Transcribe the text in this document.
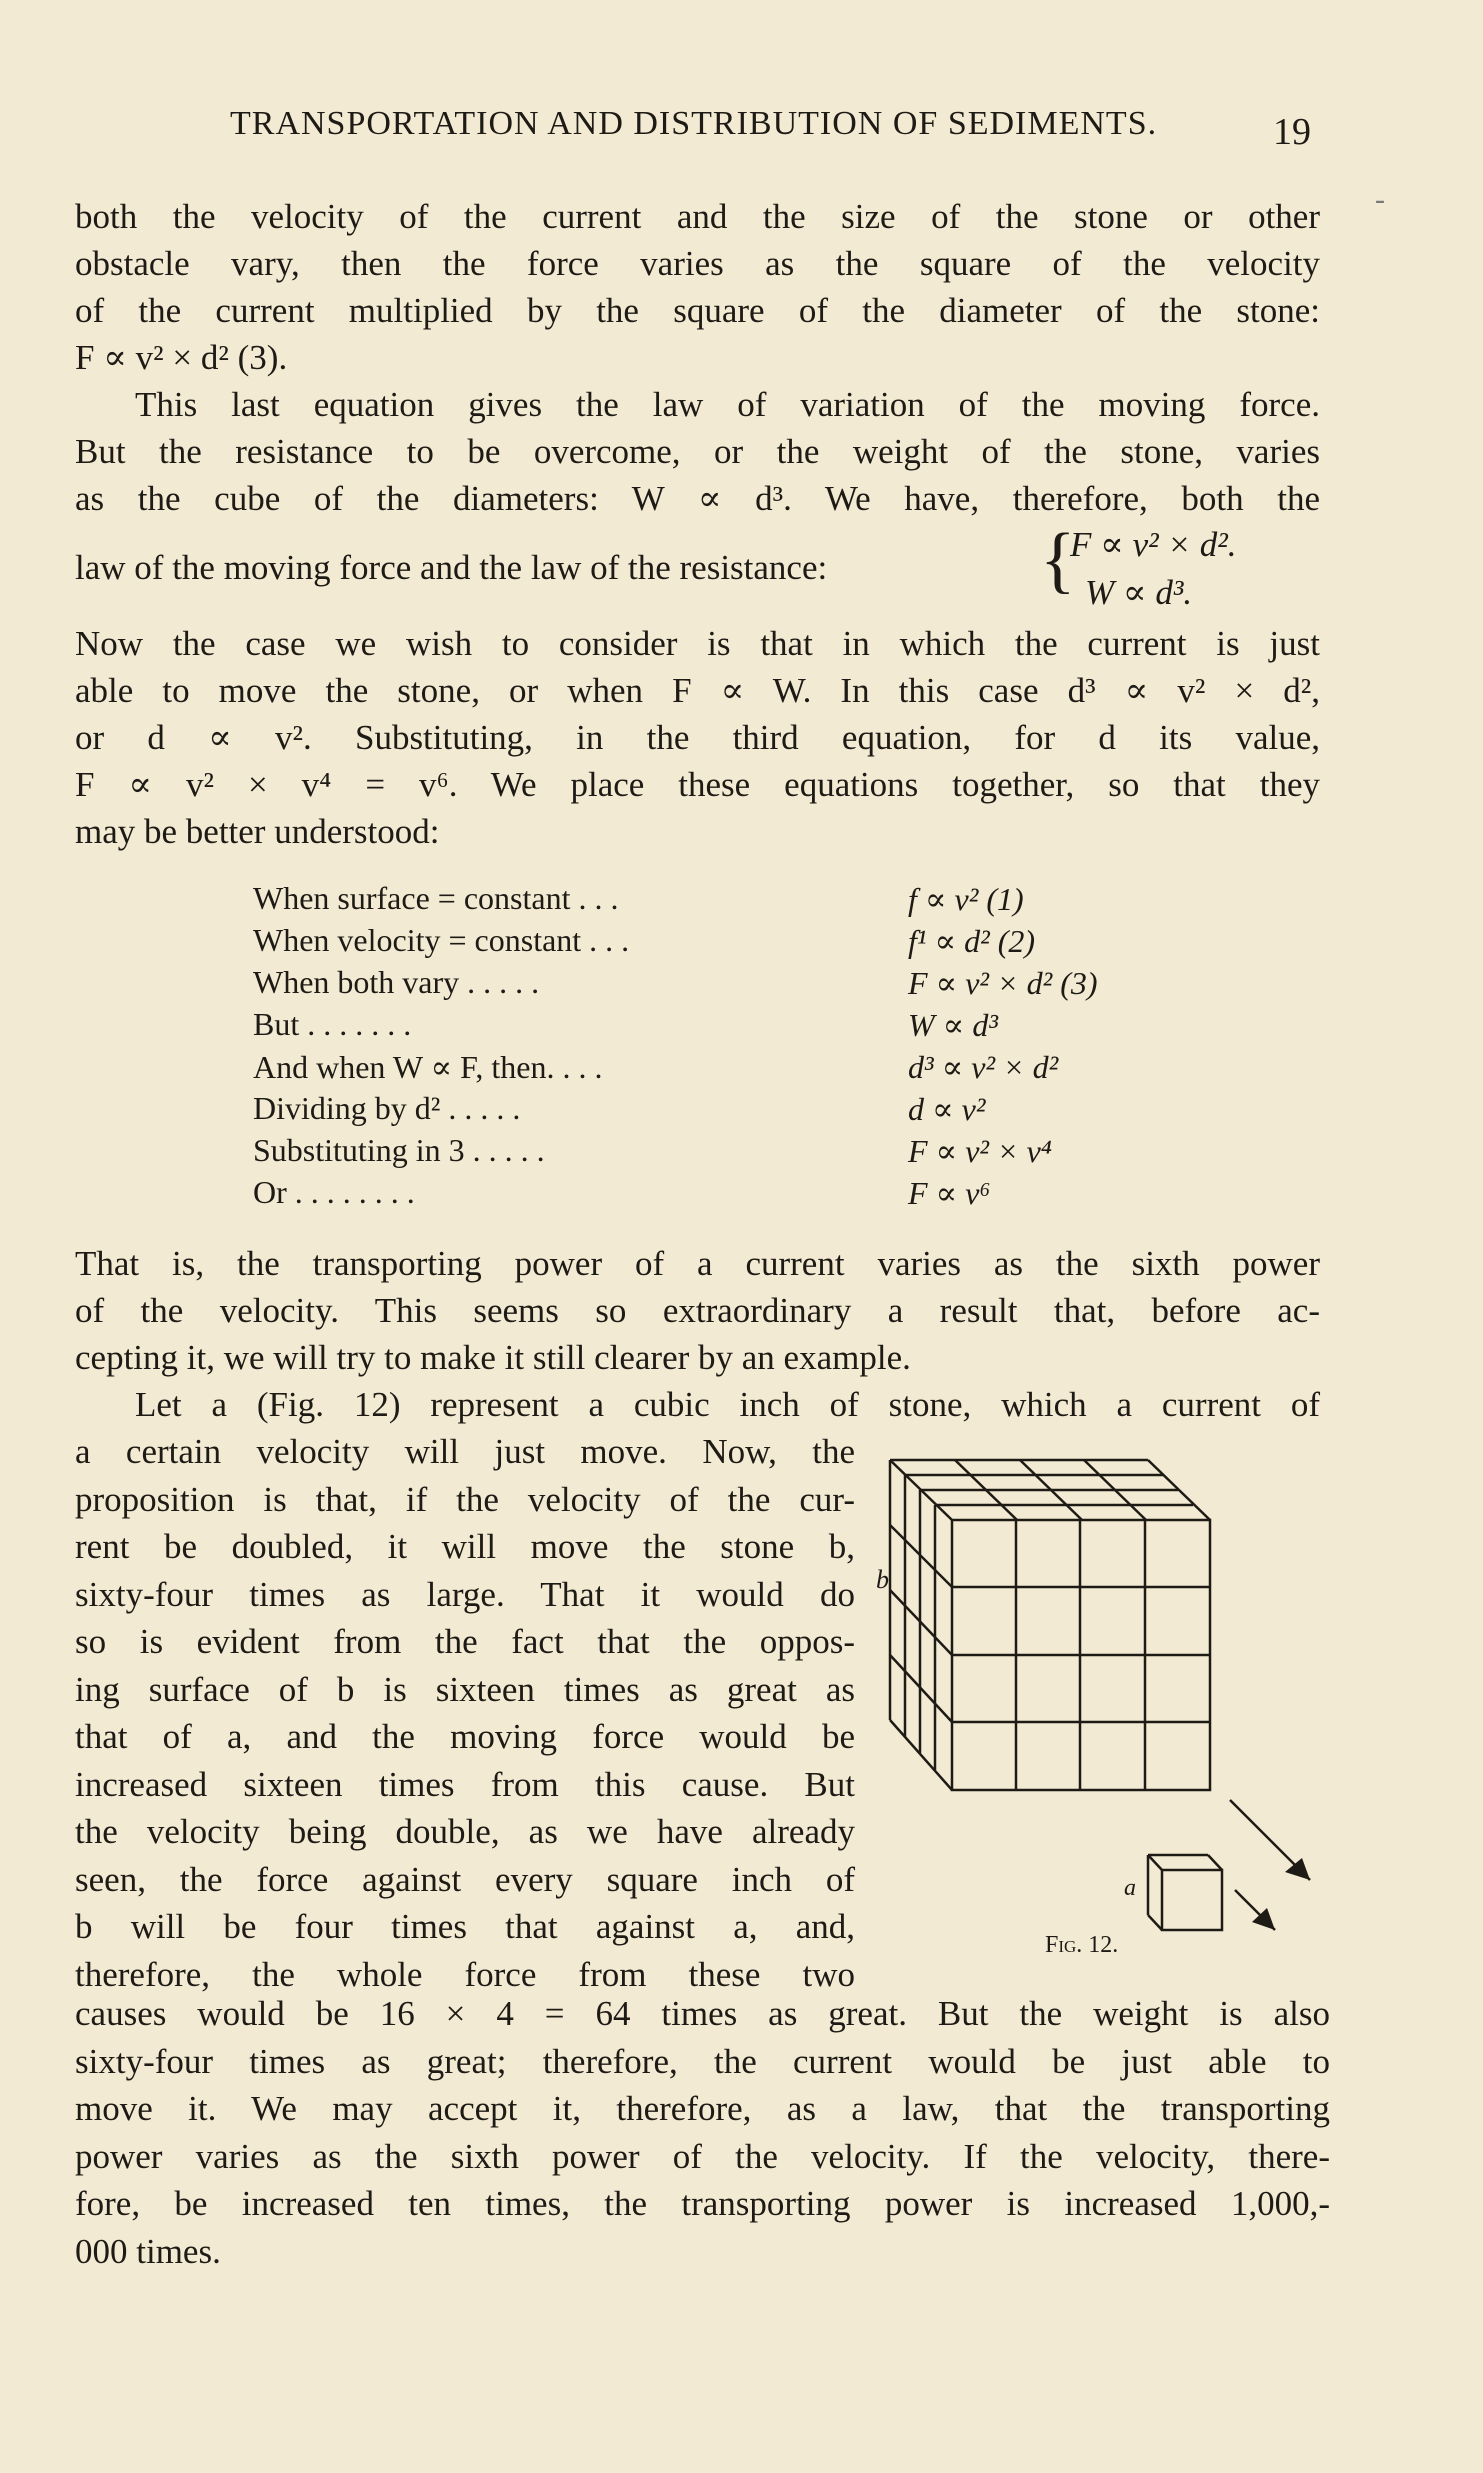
TRANSPORTATION AND DISTRIBUTION OF SEDIMENTS.	19
-
both the velocity of the current and the size of the stone or other
obstacle vary, then the force varies as the square of the velocity
of the current multiplied by the square of the diameter of the stone:
F ∝ v² × d² (3).
This last equation gives the law of variation of the moving force.
But the resistance to be overcome, or the weight of the stone, varies
as the cube of the diameters: W ∝ d³. We have, therefore, both the
law of the moving force and the law of the resistance:	{
F ∝ v² × d².
W ∝ d³.
Now the case we wish to consider is that in which the current is just
able to move the stone, or when F ∝ W. In this case d³ ∝ v² × d²,
or d ∝ v². Substituting, in the third equation, for d its value,
F ∝ v² × v⁴ = v⁶. We place these equations together, so that they
may be better understood:
When surface = constant . . .	f ∝ v² (1)
When velocity = constant . . .	f¹ ∝ d² (2)
When both vary . . . . .	F ∝ v² × d² (3)
But . . . . . . .	W ∝ d³
And when W ∝ F, then. . . .	d³ ∝ v² × d²
Dividing by d² . . . . .	d ∝ v²
Substituting in 3 . . . . .	F ∝ v² × v⁴
Or . . . . . . . .	F ∝ v⁶
That is, the transporting power of a current varies as the sixth power
of the velocity. This seems so extraordinary a result that, before ac-
cepting it, we will try to make it still clearer by an example.
Let a (Fig. 12) represent a cubic inch of stone, which a current of
a certain velocity will just move. Now, the
proposition is that, if the velocity of the cur-
rent be doubled, it will move the stone b,
sixty-four times as large. That it would do
so is evident from the fact that the oppos-
ing surface of b is sixteen times as great as
that of a, and the moving force would be
increased sixteen times from this cause. But
the velocity being double, as we have already
seen, the force against every square inch of
b will be four times that against a, and,
therefore, the whole force from these two
b
a
Fig. 12.
causes would be 16 × 4 = 64 times as great. But the weight is also
sixty-four times as great; therefore, the current would be just able to
move it. We may accept it, therefore, as a law, that the transporting
power varies as the sixth power of the velocity. If the velocity, there-
fore, be increased ten times, the transporting power is increased 1,000,-
000 times.
